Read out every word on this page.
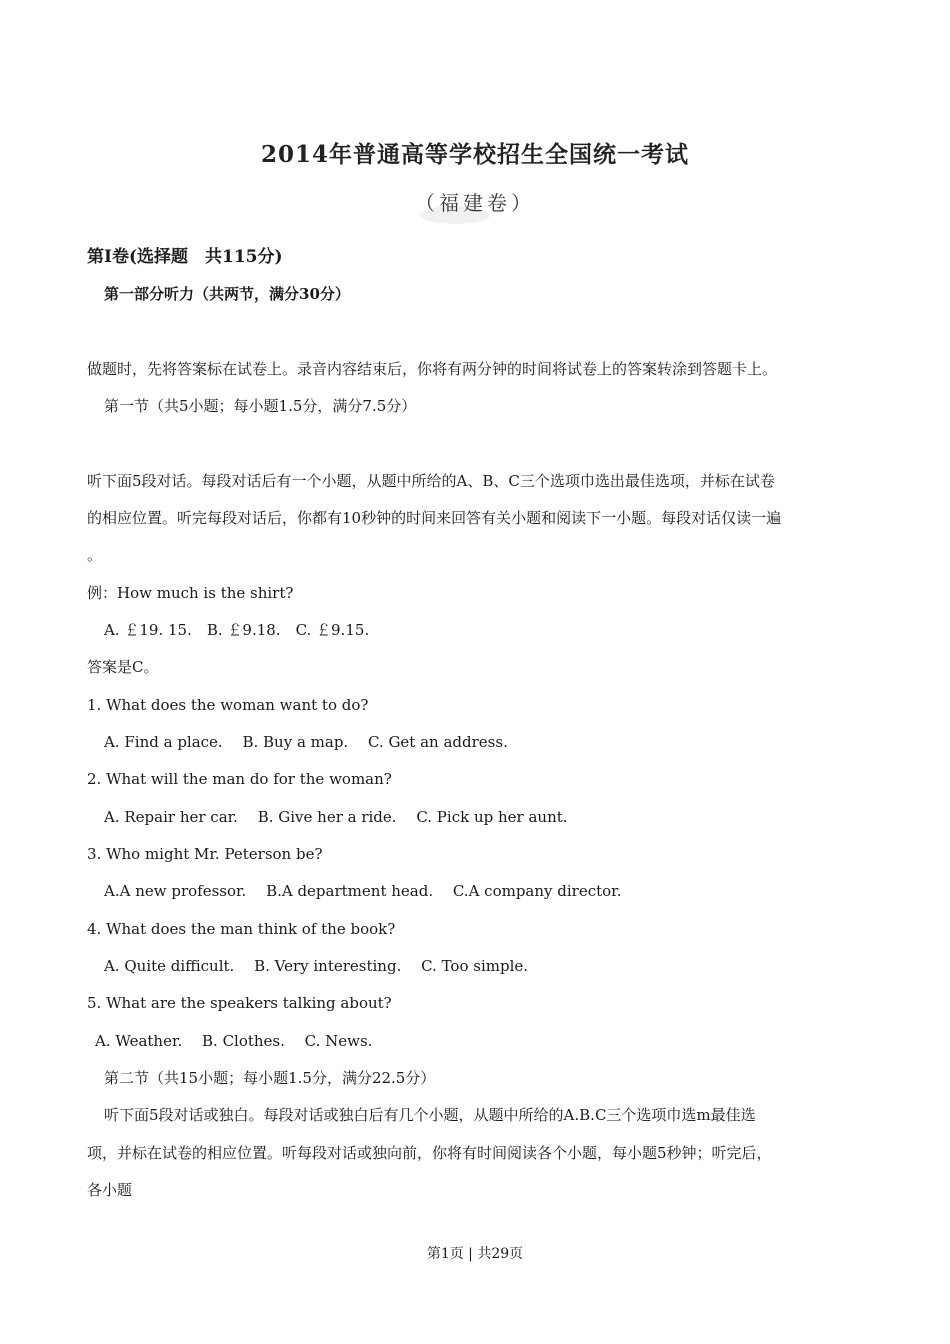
2014年普通高等学校招生全国统一考试
（福建卷）
第Ⅰ卷(选择题　共115分)
第一部分听力（共两节，满分30分）
做题时，先将答案标在试卷上。录音内容结束后，你将有两分钟的时间将试卷上的答案转涂到答题卡上。
第一节（共5小题；每小题1.5分，满分7.5分）
听下面5段对话。每段对话后有一个小题，从题中所给的A、B、C三个选项巾选出最佳选项，并标在试卷
的相应位置。听完每段对话后，你都有10秒钟的时间来回答有关小题和阅读下一小题。每段对话仅读一遍
。
例：How much is the shirt?
A. ￡19. 15.　B. ￡9.18.　C. ￡9.15.
答案是C。
1. What does the woman want to do?
A. Find a place.　 B. Buy a map.　 C. Get an address.
2. What will the man do for the woman?
A. Repair her car.　 B. Give her a ride.　 C. Pick up her aunt.
3. Who might Mr. Peterson be?
A.A new professor.　 B.A department head.　 C.A company director.
4. What does the man think of the book?
A. Quite difficult.　 B. Very interesting.　 C. Too simple.
5. What are the speakers talking about?
A. Weather.　 B. Clothes.　 C. News.
第二节（共15小题；每小题1.5分，满分22.5分）
听下面5段对话或独白。每段对话或独白后有几个小题，从题中所给的A.B.C三个选项巾选m最佳选
项，并标在试卷的相应位置。听每段对话或独向前，你将有时间阅读各个小题，每小题5秒钟；听完后，
各小题
第1页 | 共29页
